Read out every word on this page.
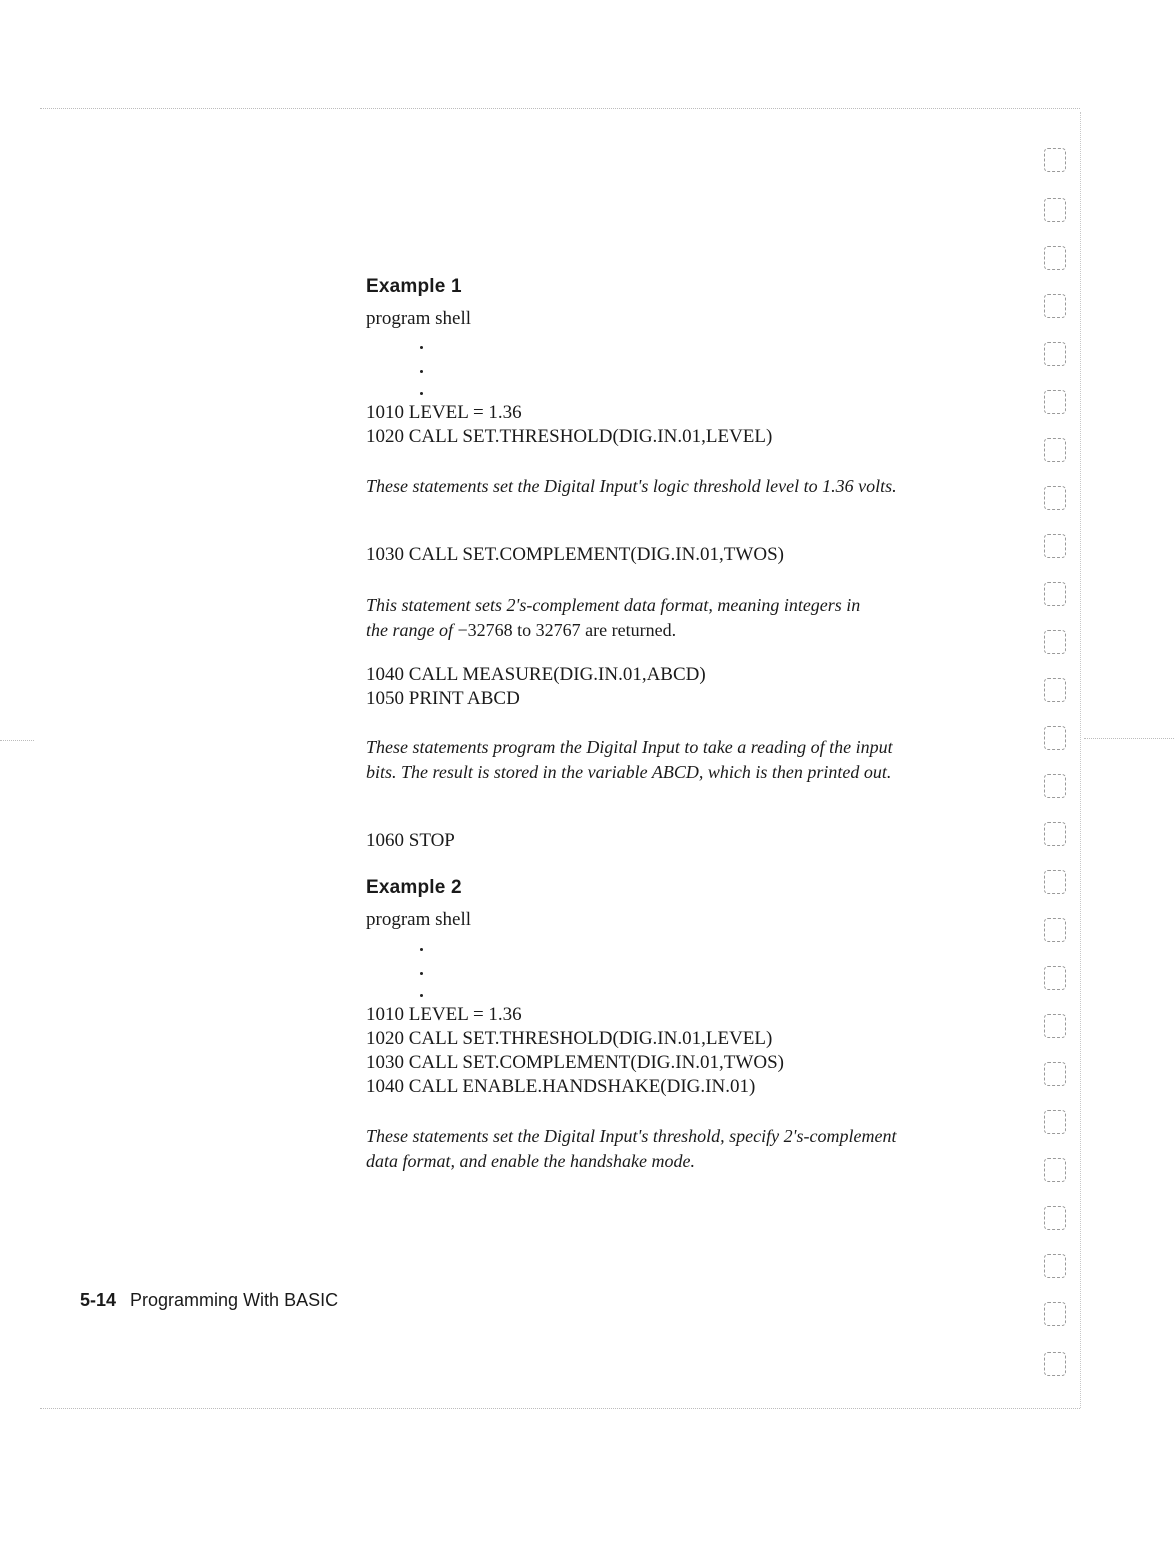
Example 1
program shell
1010 LEVEL = 1.36
1020 CALL SET.THRESHOLD(DIG.IN.01,LEVEL)
These statements set the Digital Input's logic threshold level to 1.36 volts.
1030 CALL SET.COMPLEMENT(DIG.IN.01,TWOS)
This statement sets 2's-complement data format, meaning integers in the range of −32768 to 32767 are returned.
1040 CALL MEASURE(DIG.IN.01,ABCD)
1050 PRINT ABCD
These statements program the Digital Input to take a reading of the input bits. The result is stored in the variable ABCD, which is then printed out.
1060 STOP
Example 2
program shell
1010 LEVEL = 1.36
1020 CALL SET.THRESHOLD(DIG.IN.01,LEVEL)
1030 CALL SET.COMPLEMENT(DIG.IN.01,TWOS)
1040 CALL ENABLE.HANDSHAKE(DIG.IN.01)
These statements set the Digital Input's threshold, specify 2's-complement data format, and enable the handshake mode.
5-14 Programming With BASIC
